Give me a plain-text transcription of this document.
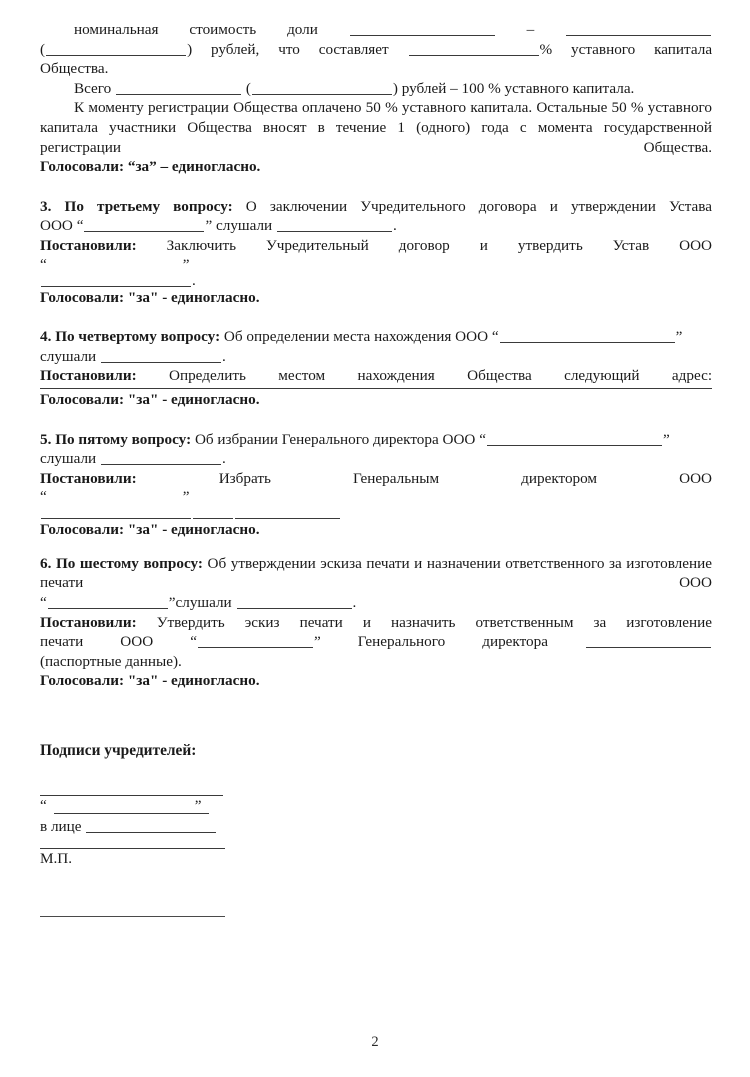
номинальная стоимость доли	–
(	) рублей, что составляет	% уставного капитала
Общества.
Всего	(	) рублей – 100 % уставного капитала.
К моменту регистрации Общества оплачено 50 % уставного капитала. Остальные 50 % уставного капитала участники Общества вносят в течение 1 (одного) года с момента государственной регистрации Общества.
Голосовали: “за” – единогласно.
3. По третьему вопросу: О заключении Учредительного договора и утверждении Устава
ООО “	” слушали	.
Постановили: Заключить Учредительный договор и утвердить Устав ООО
“	”
.
Голосовали: "за" - единогласно.
4. По четвертому вопросу: Об определении места нахождения ООО “	”
слушали	.
Постановили: Определить местом нахождения Общества следующий адрес:
Голосовали: "за" - единогласно.
5. По пятому вопросу: Об избрании Генерального директора ООО “	”
слушали	.
Постановили:	Избрать	Генеральным	директором	ООО
“	”
Голосовали: "за" - единогласно.
6. По шестому вопросу: Об утверждении эскиза печати и назначении ответственного за изготовление печати ООО
“	”слушали	.
Постановили: Утвердить эскиз печати и назначить ответственным за изготовление
печати ООО “	” Генерального директора
(паспортные данные).
Голосовали: "за" - единогласно.
Подписи учредителей:
“	”
в лице
М.П.
2
